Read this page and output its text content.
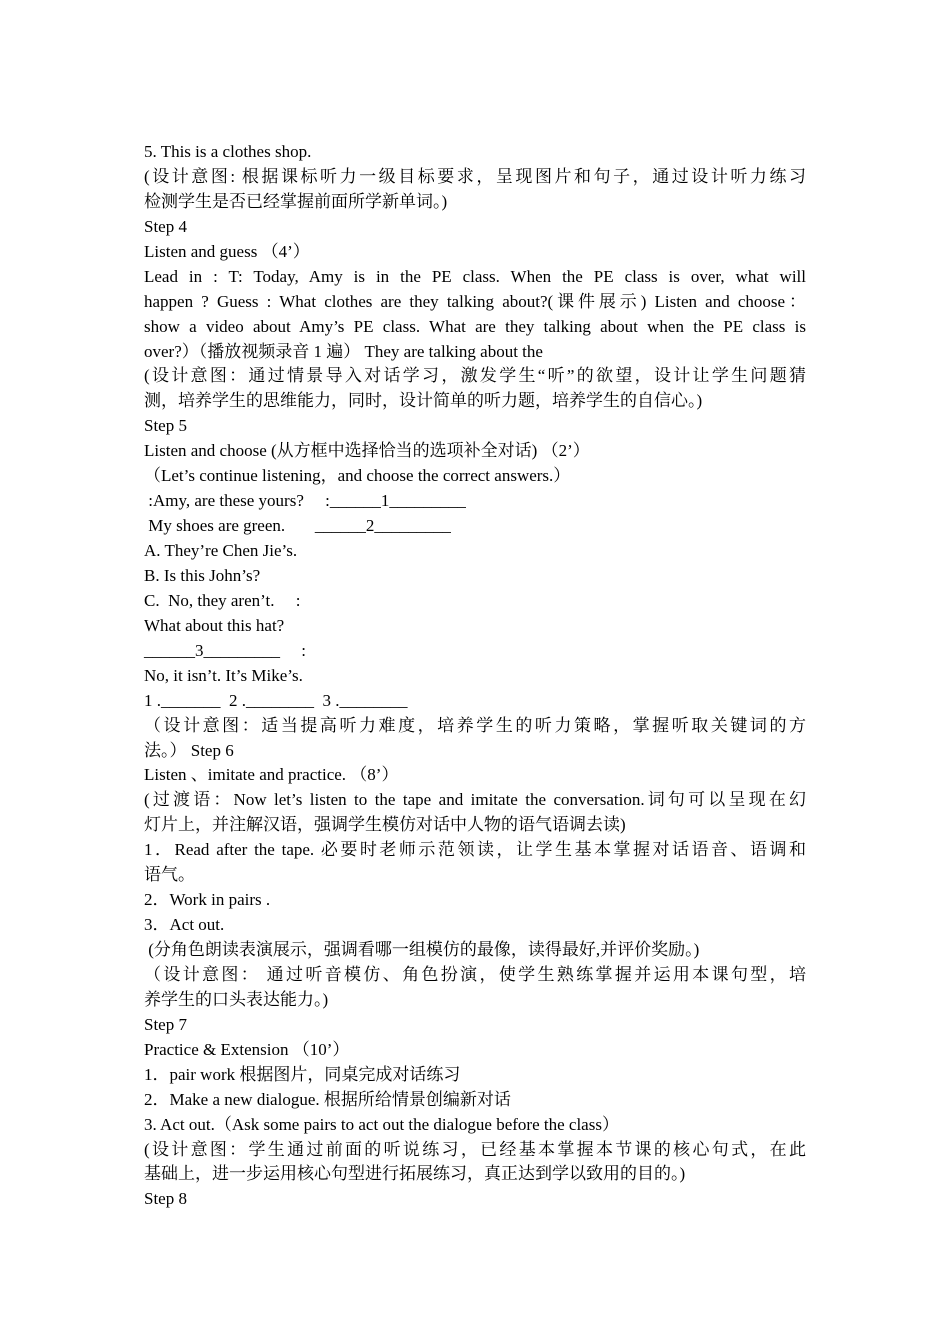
5. This is a clothes shop.
(设计意图: 根据课标听力一级目标要求，呈现图片和句子，通过设计听力练习
检测学生是否已经掌握前面所学新单词。)
Step 4
Listen and guess （4’）
Lead in : T: Today, Amy is in the PE class. When the PE class is over, what will
happen ? Guess : What clothes are they talking about?(课件展示) Listen and choose：
show a video about Amy’s PE class. What are they talking about when the PE class is
over?）（播放视频录音 1 遍） They are talking about the
(设计意图：通过情景导入对话学习，激发学生“听”的欲望，设计让学生问题猜
测，培养学生的思维能力，同时，设计简单的听力题，培养学生的自信心。)
Step 5
Listen and choose (从方框中选择恰当的选项补全对话) （2’）
（Let’s continue listening，and choose the correct answers.）
:Amy, are these yours?     :______1_________
My shoes are green.       ______2_________
A. They’re Chen Jie’s.
B. Is this John’s?
C.  No, they aren’t.     :
What about this hat?
______3_________     :
No, it isn’t. It’s Mike’s.
1 ._______  2 .________  3 .________
（设计意图：适当提高听力难度，培养学生的听力策略，掌握听取关键词的方
法。） Step 6
Listen 、imitate and practice. （8’）
(过渡语：Now let’s listen to the tape and imitate the conversation.词句可以呈现在幻
灯片上，并注解汉语，强调学生模仿对话中人物的语气语调去读)
1．Read after the tape. 必要时老师示范领读，让学生基本掌握对话语音、语调和
语气。
2．Work in pairs .
3．Act out.
(分角色朗读表演展示，强调看哪一组模仿的最像，读得最好,并评价奖励。)
（设计意图： 通过听音模仿、角色扮演，使学生熟练掌握并运用本课句型，培
养学生的口头表达能力。)
Step 7
Practice & Extension （10’）
1．pair work 根据图片，同桌完成对话练习
2．Make a new dialogue. 根据所给情景创编新对话
3. Act out.（Ask some pairs to act out the dialogue before the class）
(设计意图：学生通过前面的听说练习，已经基本掌握本节课的核心句式，在此
基础上，进一步运用核心句型进行拓展练习，真正达到学以致用的目的。)
Step 8
